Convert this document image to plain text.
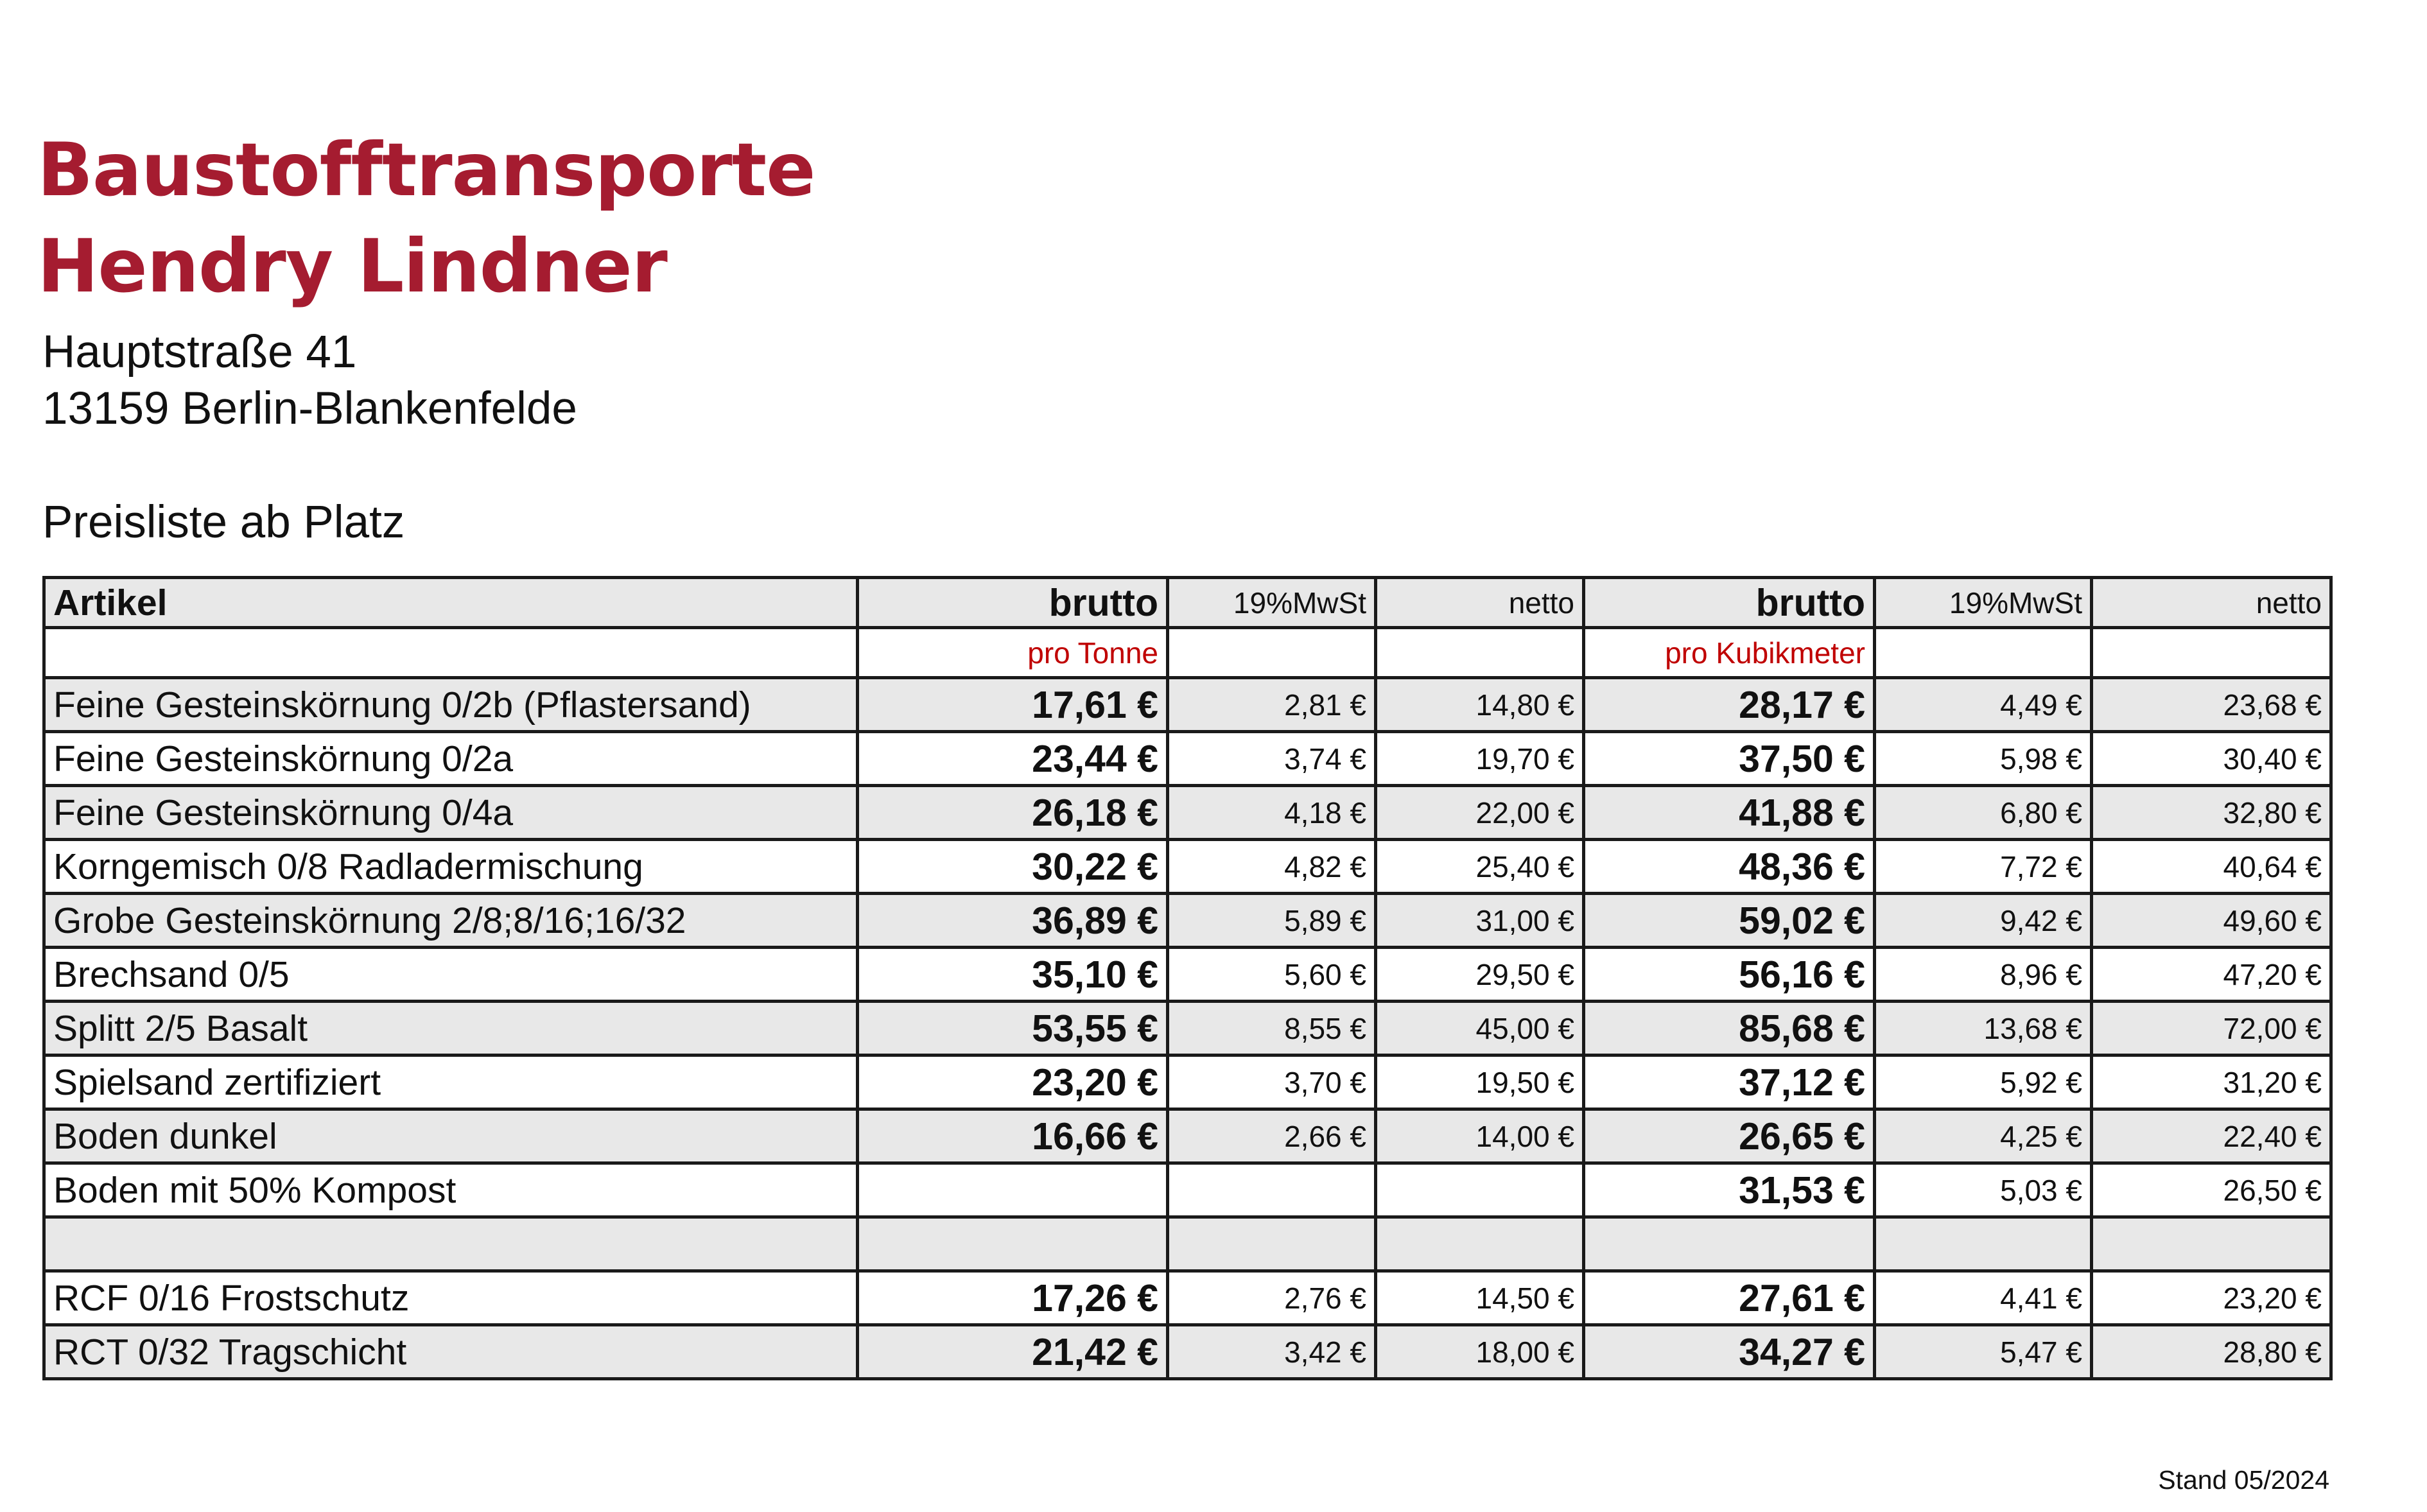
Baustofftransporte
Hendry Lindner
Hauptstraße 41
13159 Berlin-Blankenfelde
Preisliste ab Platz
Artikel	brutto	19%MwSt	netto	brutto	19%MwSt	netto
	pro Tonne			pro Kubikmeter		
Feine Gesteinskörnung 0/2b (Pflastersand)	17,61 €	2,81 €	14,80 €	28,17 €	4,49 €	23,68 €
Feine Gesteinskörnung 0/2a	23,44 €	3,74 €	19,70 €	37,50 €	5,98 €	30,40 €
Feine Gesteinskörnung 0/4a	26,18 €	4,18 €	22,00 €	41,88 €	6,80 €	32,80 €
Korngemisch 0/8 Radladermischung	30,22 €	4,82 €	25,40 €	48,36 €	7,72 €	40,64 €
Grobe Gesteinskörnung 2/8;8/16;16/32	36,89 €	5,89 €	31,00 €	59,02 €	9,42 €	49,60 €
Brechsand 0/5	35,10 €	5,60 €	29,50 €	56,16 €	8,96 €	47,20 €
Splitt 2/5 Basalt	53,55 €	8,55 €	45,00 €	85,68 €	13,68 €	72,00 €
Spielsand zertifiziert	23,20 €	3,70 €	19,50 €	37,12 €	5,92 €	31,20 €
Boden dunkel	16,66 €	2,66 €	14,00 €	26,65 €	4,25 €	22,40 €
Boden mit 50% Kompost				31,53 €	5,03 €	26,50 €

RCF 0/16 Frostschutz	17,26 €	2,76 €	14,50 €	27,61 €	4,41 €	23,20 €
RCT 0/32 Tragschicht	21,42 €	3,42 €	18,00 €	34,27 €	5,47 €	28,80 €
Stand 05/2024
